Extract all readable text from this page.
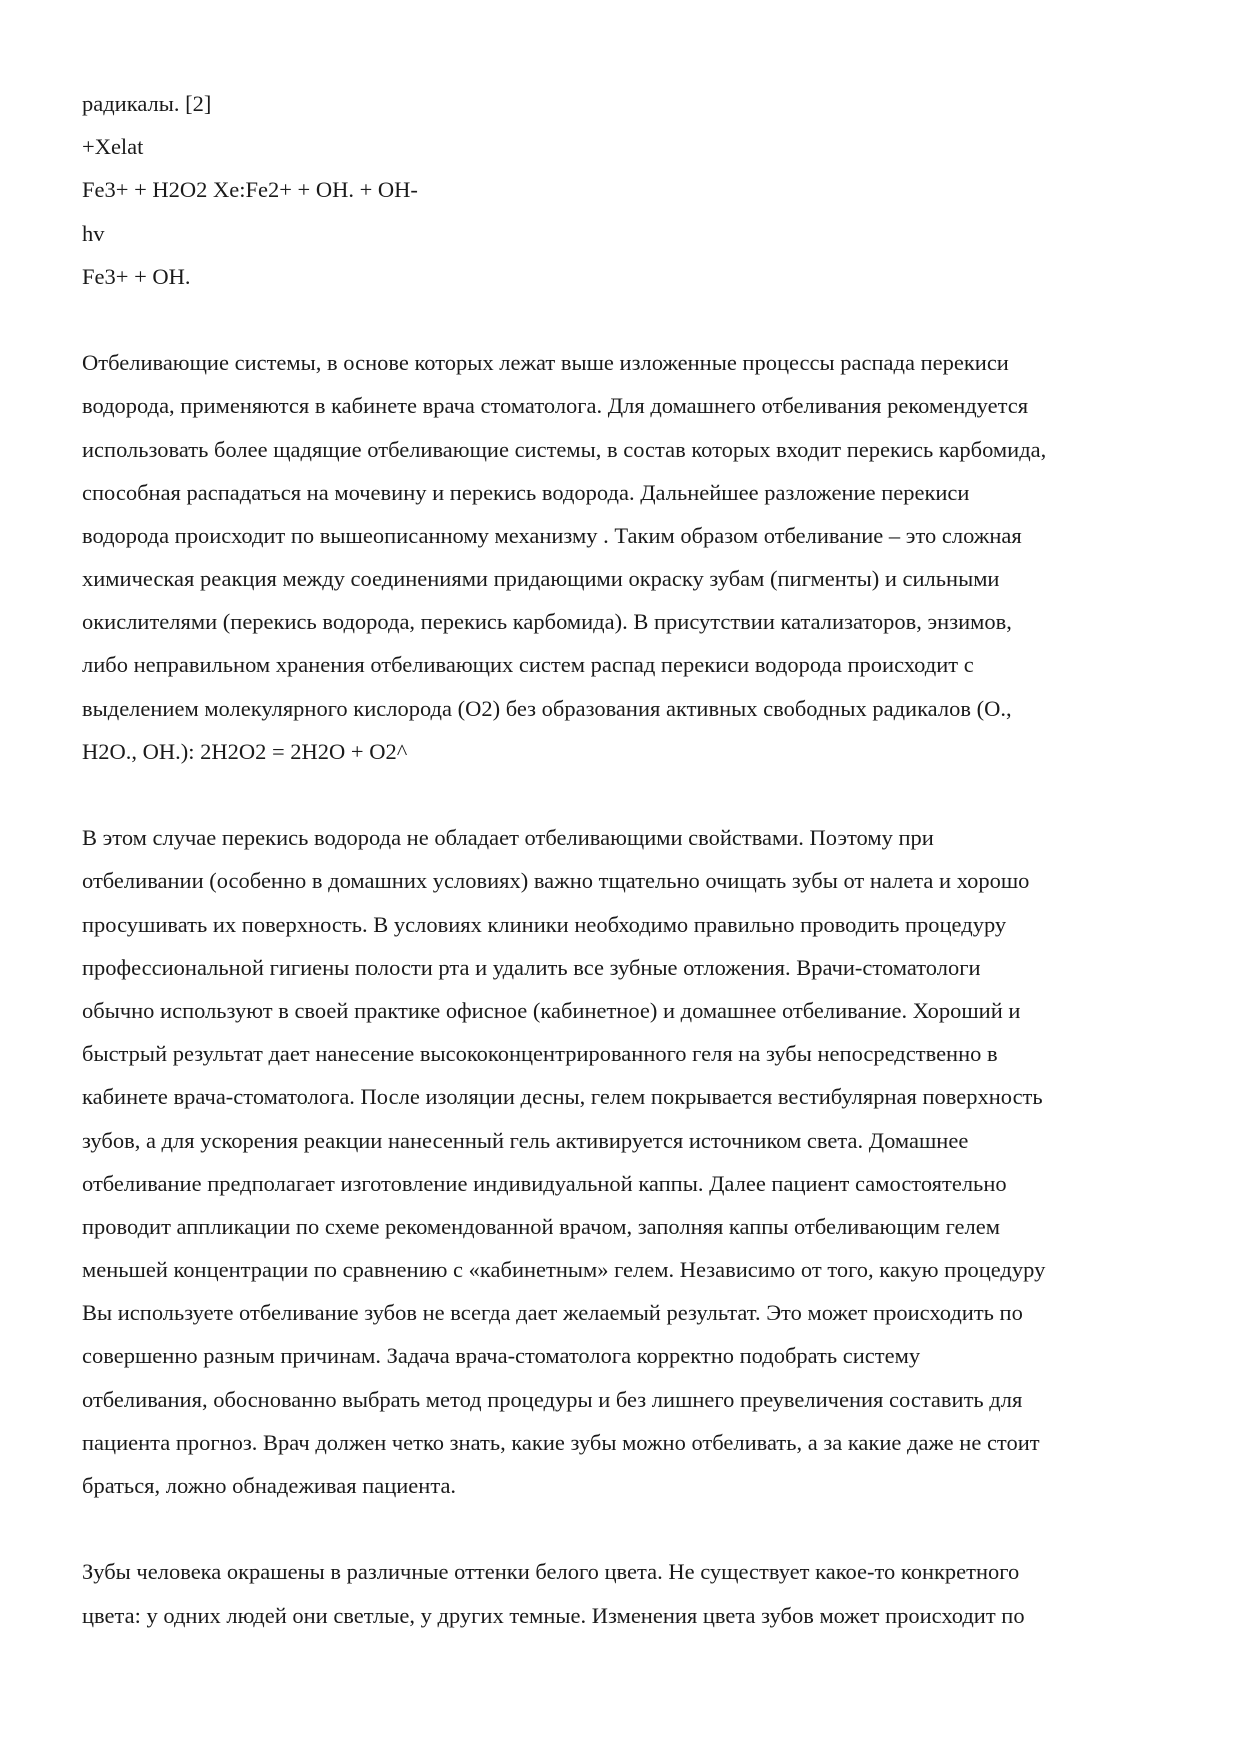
радикалы. [2]
+Xelat
Fe3+ + H2O2 Xe:Fe2+ + OH. + OH-
hv
Fe3+ + OH.
Отбеливающие системы, в основе которых лежат выше изложенные процессы распада перекиси
водорода, применяются в кабинете врача стоматолога. Для домашнего отбеливания рекомендуется
использовать более щадящие отбеливающие системы, в состав которых входит перекись карбомида,
способная распадаться на мочевину и перекись водорода. Дальнейшее разложение перекиси
водорода происходит по вышеописанному механизму . Таким образом отбеливание – это сложная
химическая реакция между соединениями придающими окраску зубам (пигменты) и сильными
окислителями (перекись водорода, перекись карбомида). В присутствии катализаторов, энзимов,
либо неправильном хранения отбеливающих систем распад перекиси водорода происходит с
выделением молекулярного кислорода (O2) без образования активных свободных радикалов (O.,
H2O., OH.): 2H2O2 = 2H2O + O2^
В этом случае перекись водорода не обладает отбеливающими свойствами. Поэтому при
отбеливании (особенно в домашних условиях) важно тщательно очищать зубы от налета и хорошо
просушивать их поверхность. В условиях клиники необходимо правильно проводить процедуру
профессиональной гигиены полости рта и удалить все зубные отложения. Врачи-стоматологи
обычно используют в своей практике офисное (кабинетное) и домашнее отбеливание. Хороший и
быстрый результат дает нанесение высококонцентрированного геля на зубы непосредственно в
кабинете врача-стоматолога. После изоляции десны, гелем покрывается вестибулярная поверхность
зубов, а для ускорения реакции нанесенный гель активируется источником света. Домашнее
отбеливание предполагает изготовление индивидуальной каппы. Далее пациент самостоятельно
проводит аппликации по схеме рекомендованной врачом, заполняя каппы отбеливающим гелем
меньшей концентрации по сравнению с «кабинетным» гелем. Независимо от того, какую процедуру
Вы используете отбеливание зубов не всегда дает желаемый результат. Это может происходить по
совершенно разным причинам. Задача врача-стоматолога корректно подобрать систему
отбеливания, обоснованно выбрать метод процедуры и без лишнего преувеличения составить для
пациента прогноз. Врач должен четко знать, какие зубы можно отбеливать, а за какие даже не стоит
браться, ложно обнадеживая пациента.
Зубы человека окрашены в различные оттенки белого цвета. Не существует какое-то конкретного
цвета: у одних людей они светлые, у других темные. Изменения цвета зубов может происходит по
